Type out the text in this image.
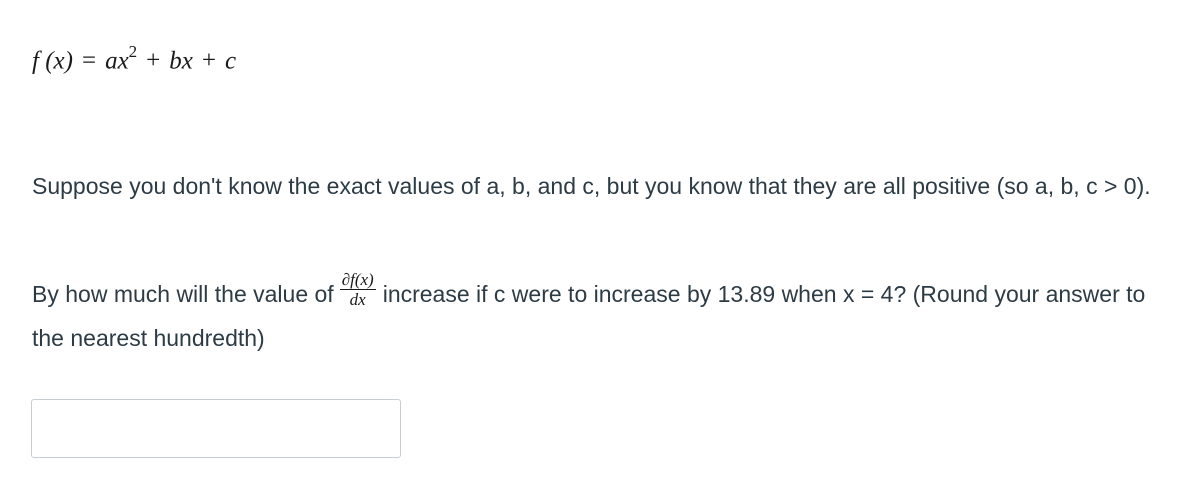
f $(x) = ax^2$ + bx + c
Suppose you don't know the exact values of a, b, and c, but you know that they are all positive (so a, b, c > 0).
By how much will the value of $\frac{\partial f(x)}{dx}$ increase if c were to increase by 13.89 when x = 4? (Round your answer to the nearest hundredth)
